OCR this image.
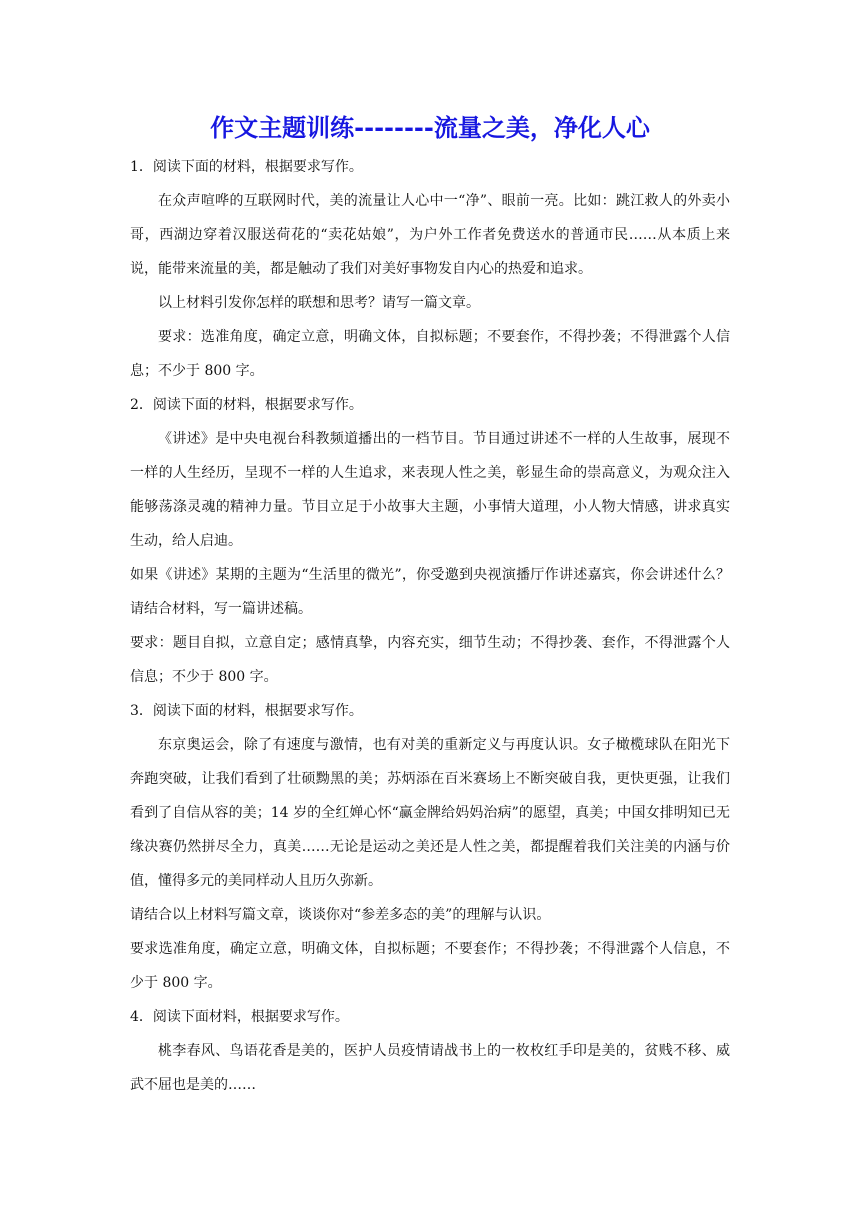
作文主题训练--------流量之美，净化人心

1．阅读下面的材料，根据要求写作。

在众声喧哗的互联网时代，美的流量让人心中一“净”、眼前一亮。比如：跳江救人的外卖小哥，西湖边穿着汉服送荷花的“卖花姑娘”，为户外工作者免费送水的普通市民……从本质上来说，能带来流量的美，都是触动了我们对美好事物发自内心的热爱和追求。

以上材料引发你怎样的联想和思考？请写一篇文章。

要求：选准角度，确定立意，明确文体，自拟标题；不要套作，不得抄袭；不得泄露个人信息；不少于 800 字。

2．阅读下面的材料，根据要求写作。

《讲述》是中央电视台科教频道播出的一档节目。节目通过讲述不一样的人生故事，展现不一样的人生经历，呈现不一样的人生追求，来表现人性之美，彰显生命的崇高意义，为观众注入能够荡涤灵魂的精神力量。节目立足于小故事大主题，小事情大道理，小人物大情感，讲求真实生动，给人启迪。

如果《讲述》某期的主题为“生活里的微光”，你受邀到央视演播厅作讲述嘉宾，你会讲述什么？请结合材料，写一篇讲述稿。

要求：题目自拟，立意自定；感情真挚，内容充实，细节生动；不得抄袭、套作，不得泄露个人信息；不少于 800 字。

3．阅读下面的材料，根据要求写作。

东京奥运会，除了有速度与激情，也有对美的重新定义与再度认识。女子橄榄球队在阳光下奔跑突破，让我们看到了壮硕黝黑的美；苏炳添在百米赛场上不断突破自我，更快更强，让我们看到了自信从容的美；14 岁的全红婵心怀“赢金牌给妈妈治病”的愿望，真美；中国女排明知已无缘决赛仍然拼尽全力，真美……无论是运动之美还是人性之美，都提醒着我们关注美的内涵与价值，懂得多元的美同样动人且历久弥新。

请结合以上材料写篇文章，谈谈你对“参差多态的美”的理解与认识。

要求选准角度，确定立意，明确文体，自拟标题；不要套作；不得抄袭；不得泄露个人信息，不少于 800 字。

4．阅读下面材料，根据要求写作。

桃李春风、鸟语花香是美的，医护人员疫情请战书上的一枚枚红手印是美的，贫贱不移、威武不屈也是美的……
